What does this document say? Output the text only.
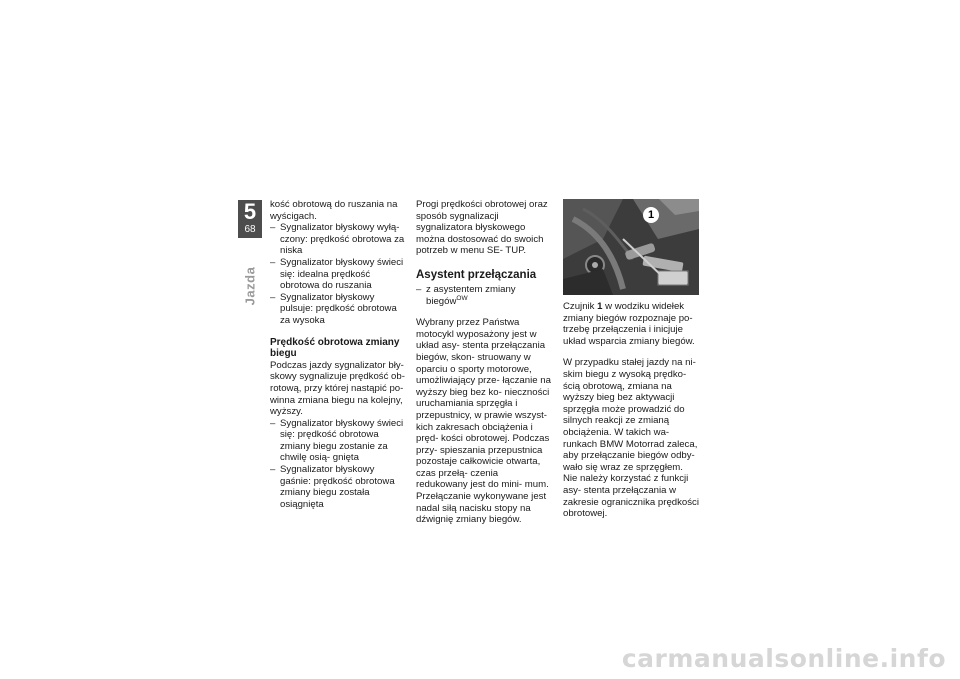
5
68
Jazda

kość obrotową do ruszania na wyścigach.

– Sygnalizator błyskowy wyłą- czony: prędkość obrotowa za niska
– Sygnalizator błyskowy świeci się: idealna prędkość obrotowa do ruszania
– Sygnalizator błyskowy pulsuje: prędkość obrotowa za wysoka
Prędkość obrotowa zmiany biegu

Podczas jazdy sygnalizator bły- skowy sygnalizuje prędkość ob- rotową, przy której nastąpić po- winna zmiana biegu na kolejny, wyższy.

– Sygnalizator błyskowy świeci się: prędkość obrotowa zmiany biegu zostanie za chwilę osią- gnięta
– Sygnalizator błyskowy gaśnie: prędkość obrotowa zmiany biegu została osiągnięta

Progi prędkości obrotowej oraz sposób sygnalizacji sygnalizatora błyskowego można dostosować do swoich potrzeb w menu SE- TUP.

Asystent przełączania
– z asystentem zmiany biegów$^{OW}$

Wybrany przez Państwa motocykl wyposażony jest w układ asy- stenta przełączania biegów, skon- struowany w oparciu o sporty motorowe, umożliwiający prze- łączanie na wyższy bieg bez ko- nieczności uruchamiania sprzęgła i przepustnicy, w prawie wszyst- kich zakresach obciążenia i pręd- kości obrotowej. Podczas przy- spieszania przepustnica pozostaje całkowicie otwarta, czas przełą- czenia redukowany jest do mini- mum. Przełączanie wykonywane jest nadal siłą nacisku stopy na dźwignię zmiany biegów.

1

Czujnik 1 w wodziku widełek zmiany biegów rozpoznaje po- trzebę przełączenia i inicjuje układ wsparcia zmiany biegów.

W przypadku stałej jazdy na ni- skim biegu z wysoką prędko- ścią obrotową, zmiana na wyższy bieg bez aktywacji sprzęgła może prowadzić do silnych reakcji ze zmianą obciążenia. W takich wa- runkach BMW Motorrad zaleca, aby przełączanie biegów odby- wało się wraz ze sprzęgłem. Nie należy korzystać z funkcji asy- stenta przełączania w zakresie ogranicznika prędkości obrotowej.

carmanualsonline.info
